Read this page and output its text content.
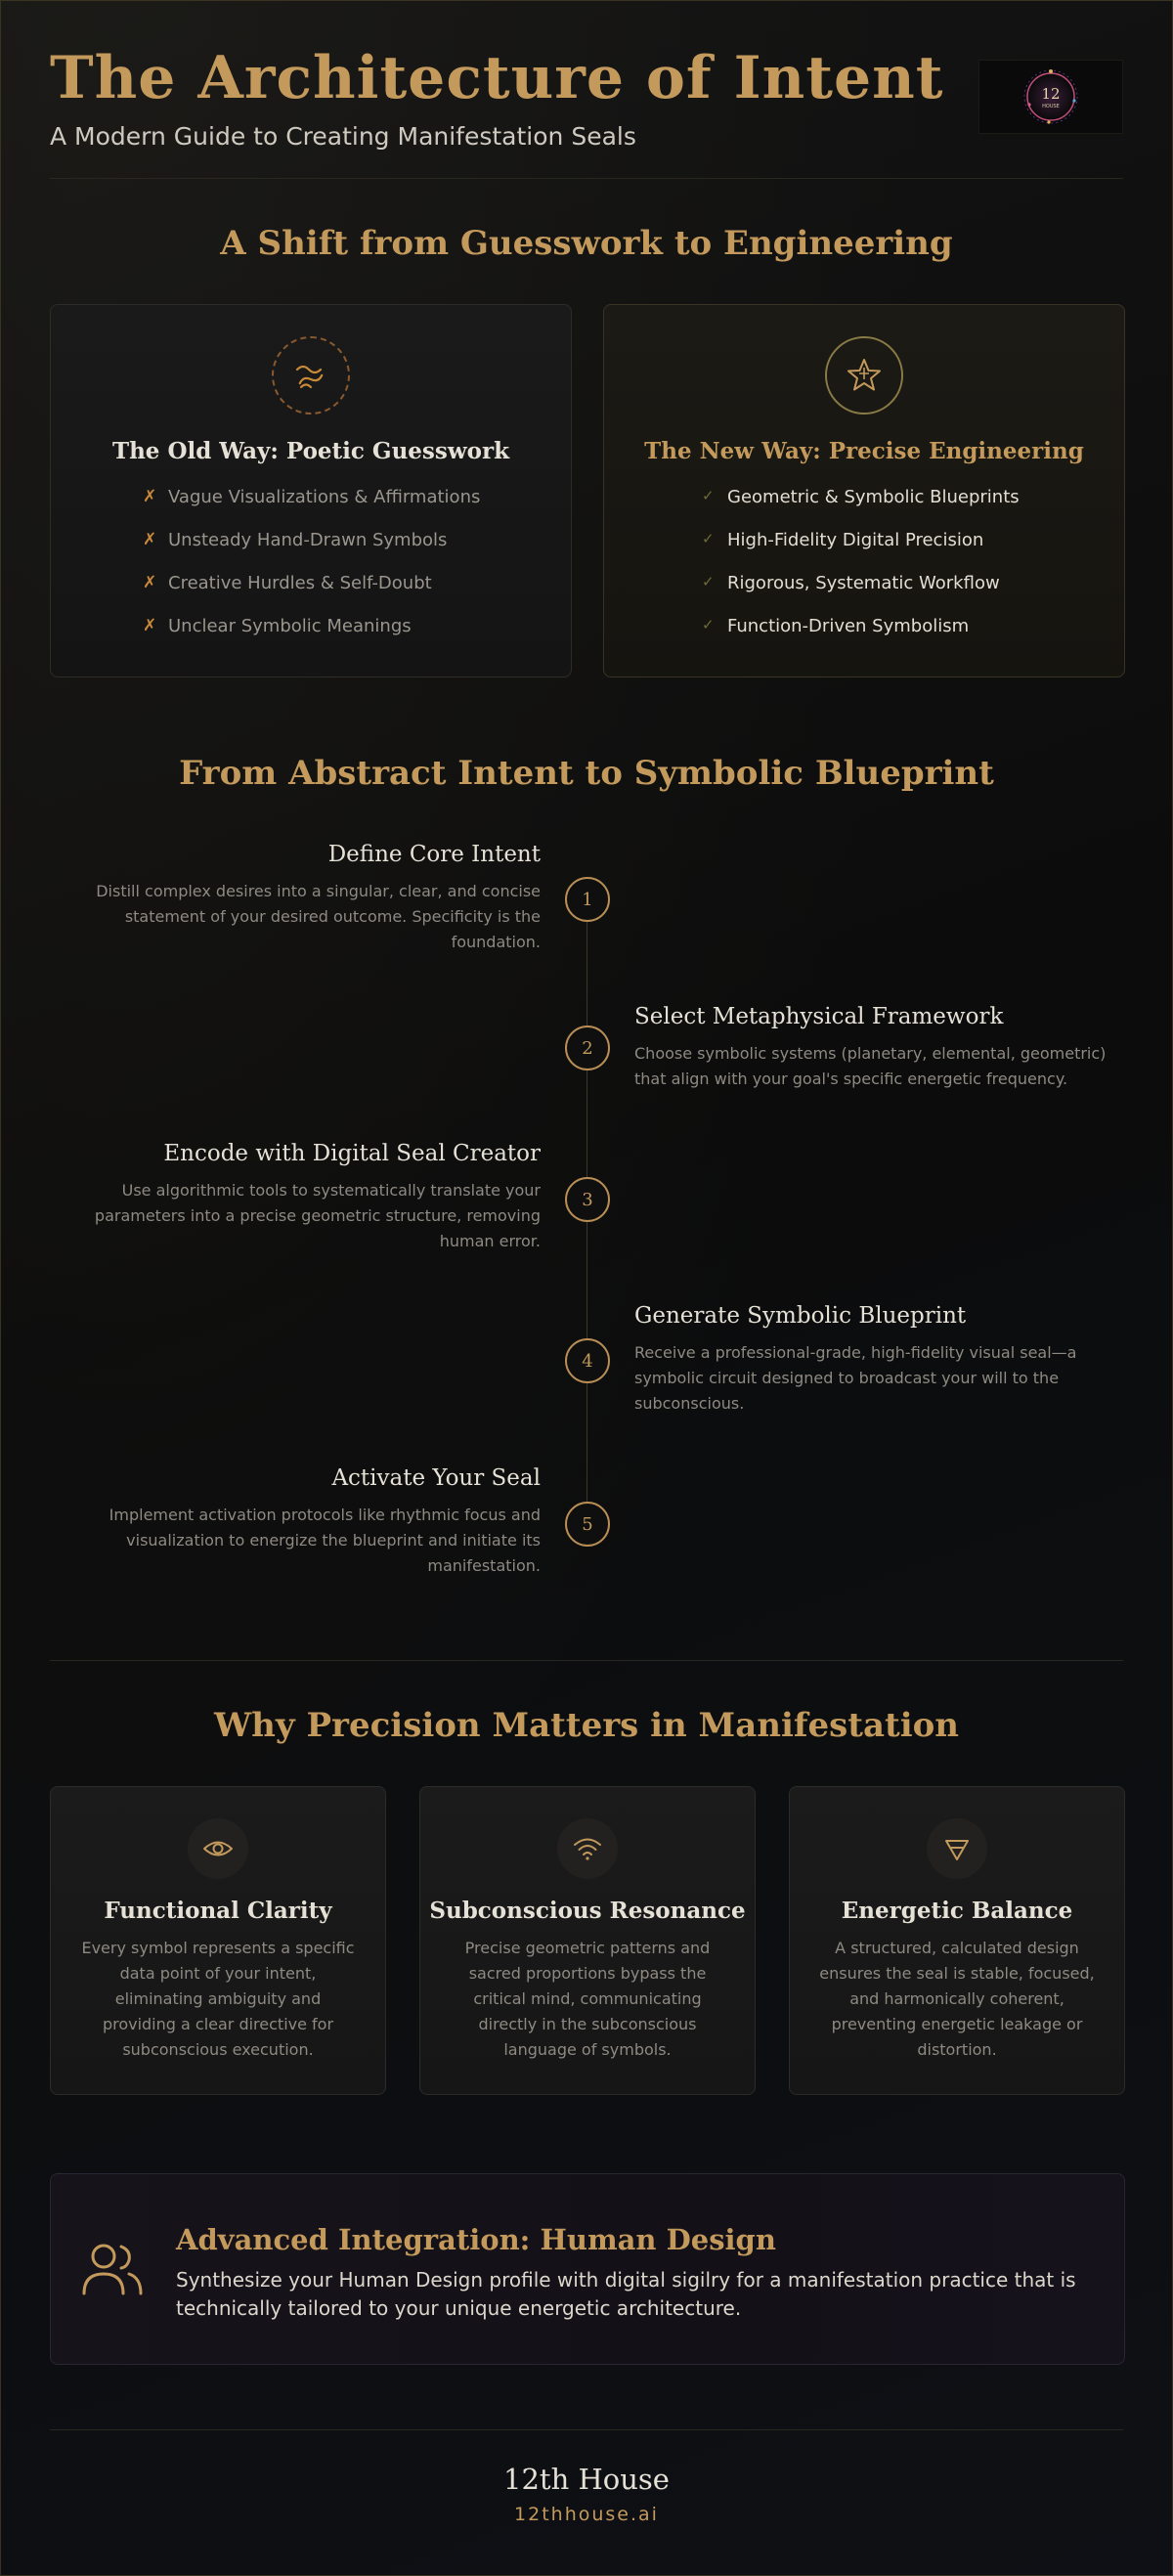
The Architecture of Intent
A Modern Guide to Creating Manifestation Seals
12
HOUSE
A Shift from Guesswork to Engineering
The Old Way: Poetic Guesswork
✗ Vague Visualizations & Affirmations
✗ Unsteady Hand-Drawn Symbols
✗ Creative Hurdles & Self-Doubt
✗ Unclear Symbolic Meanings
The New Way: Precise Engineering
✓ Geometric & Symbolic Blueprints
✓ High-Fidelity Digital Precision
✓ Rigorous, Systematic Workflow
✓ Function-Driven Symbolism
From Abstract Intent to Symbolic Blueprint
Define Core Intent
Distill complex desires into a singular, clear, and concise statement of your desired outcome. Specificity is the foundation.
1
Select Metaphysical Framework
Choose symbolic systems (planetary, elemental, geometric) that align with your goal's specific energetic frequency.
2
Encode with Digital Seal Creator
Use algorithmic tools to systematically translate your parameters into a precise geometric structure, removing human error.
3
Generate Symbolic Blueprint
Receive a professional-grade, high-fidelity visual seal—a symbolic circuit designed to broadcast your will to the subconscious.
4
Activate Your Seal
Implement activation protocols like rhythmic focus and visualization to energize the blueprint and initiate its manifestation.
5
Why Precision Matters in Manifestation
Functional Clarity

Every symbol represents a specific data point of your intent, eliminating ambiguity and providing a clear directive for subconscious execution.

Subconscious Resonance

Precise geometric patterns and sacred proportions bypass the critical mind, communicating directly in the subconscious language of symbols.

Energetic Balance

A structured, calculated design ensures the seal is stable, focused, and harmonically coherent, preventing energetic leakage or distortion.

Advanced Integration: Human Design

Synthesize your Human Design profile with digital sigilry for a manifestation practice that is technically tailored to your unique energetic architecture.

12th House
12thhouse.ai
